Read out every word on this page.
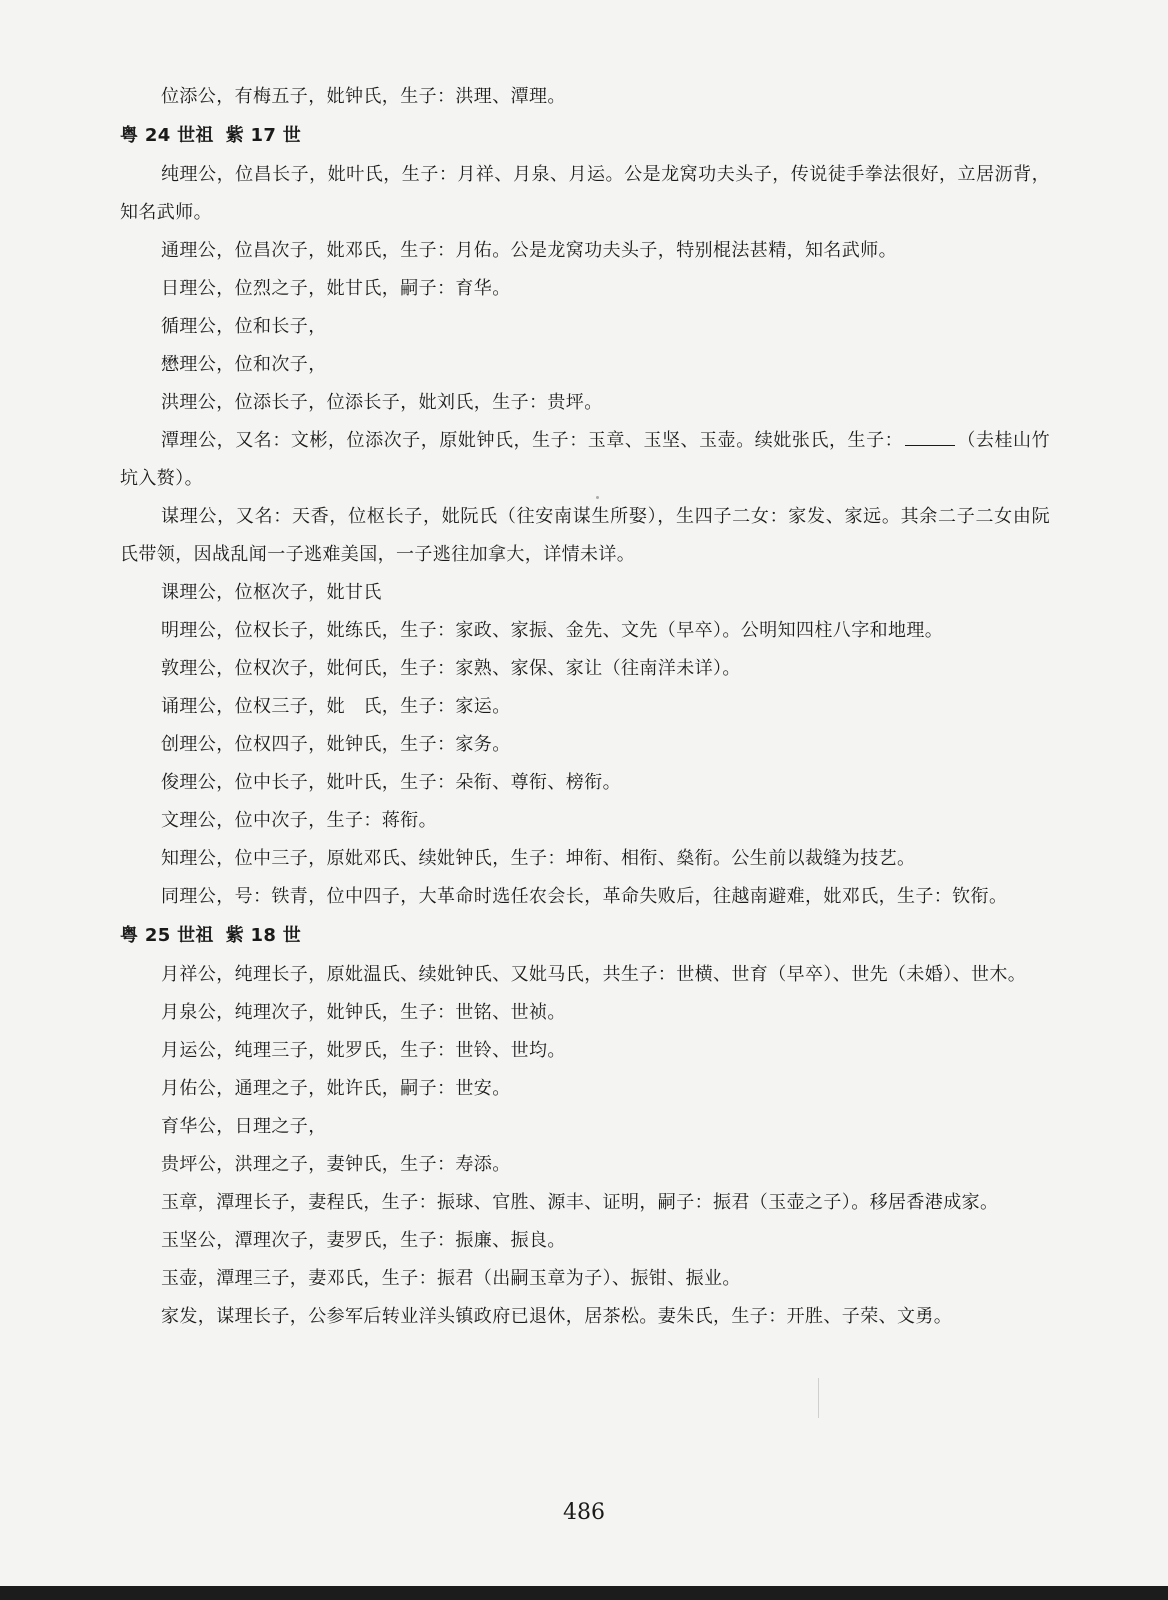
位添公，有梅五子，妣钟氏，生子：洪理、潭理。

粤 24 世祖 紫 17 世

纯理公，位昌长子，妣叶氏，生子：月祥、月泉、月运。公是龙窝功夫头子，传说徒手拳法很好，立居沥背，知名武师。

通理公，位昌次子，妣邓氏，生子：月佑。公是龙窝功夫头子，特别棍法甚精，知名武师。

日理公，位烈之子，妣甘氏，嗣子：育华。

循理公，位和长子，

懋理公，位和次子，

洪理公，位添长子，位添长子，妣刘氏，生子：贵坪。

潭理公，又名：文彬，位添次子，原妣钟氏，生子：玉章、玉坚、玉壶。续妣张氏，生子：	（去桂山竹坑入赘）。

谋理公，又名：天香，位枢长子，妣阮氏（往安南谋生所娶），生四子二女：家发、家远。其余二子二女由阮氏带领，因战乱闻一子逃难美国，一子逃往加拿大，详情未详。

课理公，位枢次子，妣甘氏

明理公，位权长子，妣练氏，生子：家政、家振、金先、文先（早卒）。公明知四柱八字和地理。

敦理公，位权次子，妣何氏，生子：家熟、家保、家让（往南洋未详）。

诵理公，位权三子，妣　氏，生子：家运。

创理公，位权四子，妣钟氏，生子：家务。

俊理公，位中长子，妣叶氏，生子：朵衔、尊衔、榜衔。

文理公，位中次子，生子：蒋衔。

知理公，位中三子，原妣邓氏、续妣钟氏，生子：坤衔、相衔、燊衔。公生前以裁缝为技艺。

同理公，号：铁青，位中四子，大革命时选任农会长，革命失败后，往越南避难，妣邓氏，生子：钦衔。

粤 25 世祖 紫 18 世

月祥公，纯理长子，原妣温氏、续妣钟氏、又妣马氏，共生子：世横、世育（早卒）、世先（未婚）、世木。

月泉公，纯理次子，妣钟氏，生子：世铭、世祯。

月运公，纯理三子，妣罗氏，生子：世铃、世均。

月佑公，通理之子，妣许氏，嗣子：世安。

育华公，日理之子，

贵坪公，洪理之子，妻钟氏，生子：寿添。

玉章，潭理长子，妻程氏，生子：振球、官胜、源丰、证明，嗣子：振君（玉壶之子）。移居香港成家。

玉坚公，潭理次子，妻罗氏，生子：振廉、振良。

玉壶，潭理三子，妻邓氏，生子：振君（出嗣玉章为子）、振钳、振业。

家发，谋理长子，公参军后转业洋头镇政府已退休，居茶松。妻朱氏，生子：开胜、子荣、文勇。

486
